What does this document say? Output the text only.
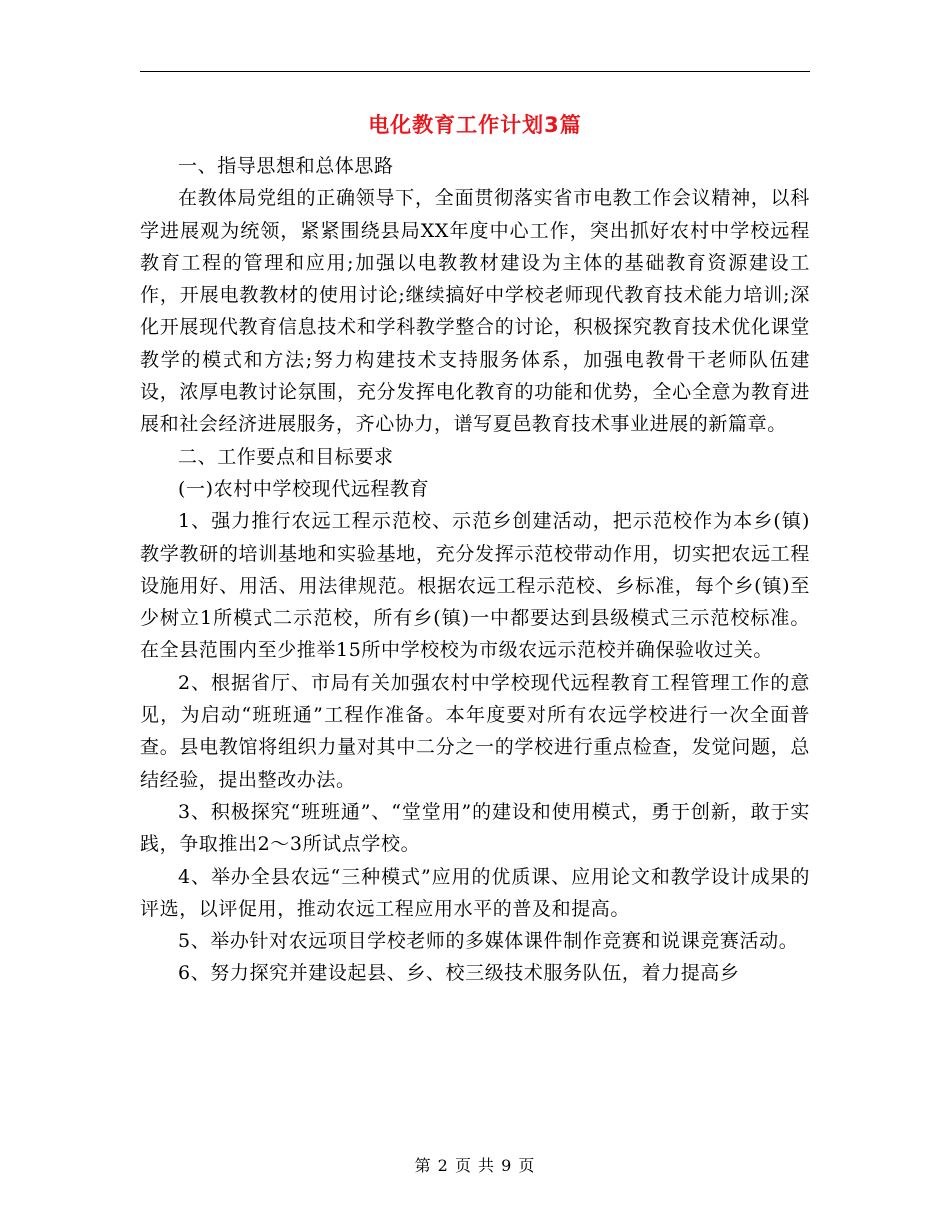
电化教育工作计划3篇

一、指导思想和总体思路

在教体局党组的正确领导下，全面贯彻落实省市电教工作会议精神，以科学进展观为统领，紧紧围绕县局XX年度中心工作，突出抓好农村中学校远程教育工程的管理和应用;加强以电教教材建设为主体的基础教育资源建设工作，开展电教教材的使用讨论;继续搞好中学校老师现代教育技术能力培训;深化开展现代教育信息技术和学科教学整合的讨论，积极探究教育技术优化课堂教学的模式和方法;努力构建技术支持服务体系，加强电教骨干老师队伍建设，浓厚电教讨论氛围，充分发挥电化教育的功能和优势，全心全意为教育进展和社会经济进展服务，齐心协力，谱写夏邑教育技术事业进展的新篇章。

二、工作要点和目标要求

(一)农村中学校现代远程教育

1、强力推行农远工程示范校、示范乡创建活动，把示范校作为本乡(镇)教学教研的培训基地和实验基地，充分发挥示范校带动作用，切实把农远工程设施用好、用活、用法律规范。根据农远工程示范校、乡标准，每个乡(镇)至少树立1所模式二示范校，所有乡(镇)一中都要达到县级模式三示范校标准。在全县范围内至少推举15所中学校校为市级农远示范校并确保验收过关。

2、根据省厅、市局有关加强农村中学校现代远程教育工程管理工作的意见，为启动“班班通”工程作准备。本年度要对所有农远学校进行一次全面普查。县电教馆将组织力量对其中二分之一的学校进行重点检查，发觉问题，总结经验，提出整改办法。

3、积极探究“班班通”、“堂堂用”的建设和使用模式，勇于创新，敢于实践，争取推出2～3所试点学校。

4、举办全县农远“三种模式”应用的优质课、应用论文和教学设计成果的评选，以评促用，推动农远工程应用水平的普及和提高。

5、举办针对农远项目学校老师的多媒体课件制作竞赛和说课竞赛活动。

6、努力探究并建设起县、乡、校三级技术服务队伍，着力提高乡

第 2 页 共 9 页
